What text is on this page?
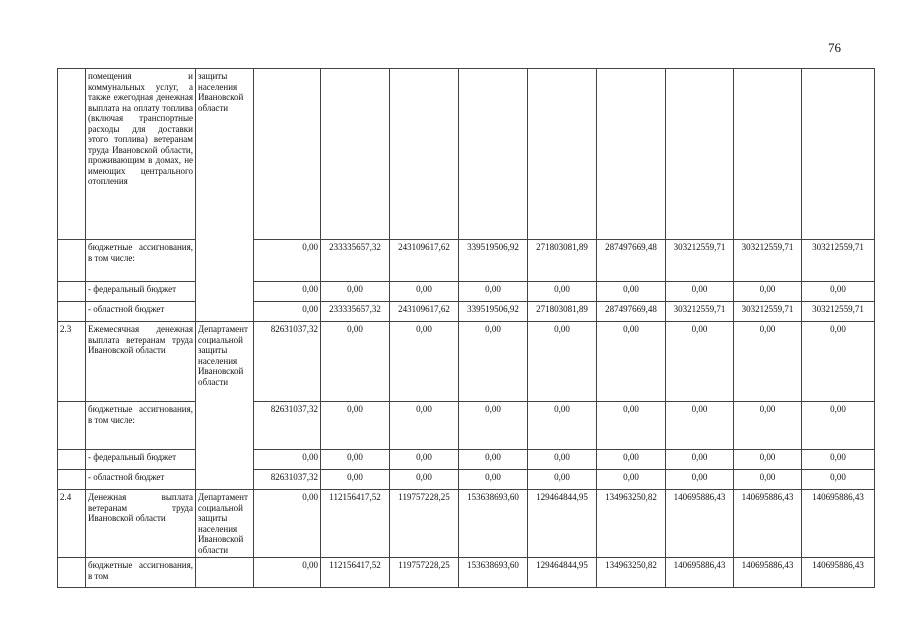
76
	помещения и коммунальных услуг, а также ежегодная денежная выплата на оплату топлива (включая транспортные расходы для доставки этого топлива) ветеранам труда Ивановской области, проживающим в домах, не имеющих центрального отопления	защиты населения Ивановской области									
	бюджетные ассигнования, в том числе:		0,00	233335657,32	243109617,62	339519506,92	271803081,89	287497669,48	303212559,71	303212559,71	303212559,71
	- федеральный бюджет		0,00	0,00	0,00	0,00	0,00	0,00	0,00	0,00	0,00
	- областной бюджет		0,00	233335657,32	243109617,62	339519506,92	271803081,89	287497669,48	303212559,71	303212559,71	303212559,71
2.3	Ежемесячная денежная выплата ветеранам труда Ивановской области	Департамент социальной защиты населения Ивановской области	82631037,32	0,00	0,00	0,00	0,00	0,00	0,00	0,00	0,00
	бюджетные ассигнования, в том числе:		82631037,32	0,00	0,00	0,00	0,00	0,00	0,00	0,00	0,00
	- федеральный бюджет		0,00	0,00	0,00	0,00	0,00	0,00	0,00	0,00	0,00
	- областной бюджет		82631037,32	0,00	0,00	0,00	0,00	0,00	0,00	0,00	0,00
2.4	Денежная выплата ветеранам труда Ивановской области	Департамент социальной защиты населения Ивановской области	0,00	112156417,52	119757228,25	153638693,60	129464844,95	134963250,82	140695886,43	140695886,43	140695886,43
	бюджетные ассигнования, в том		0,00	112156417,52	119757228,25	153638693,60	129464844,95	134963250,82	140695886,43	140695886,43	140695886,43
